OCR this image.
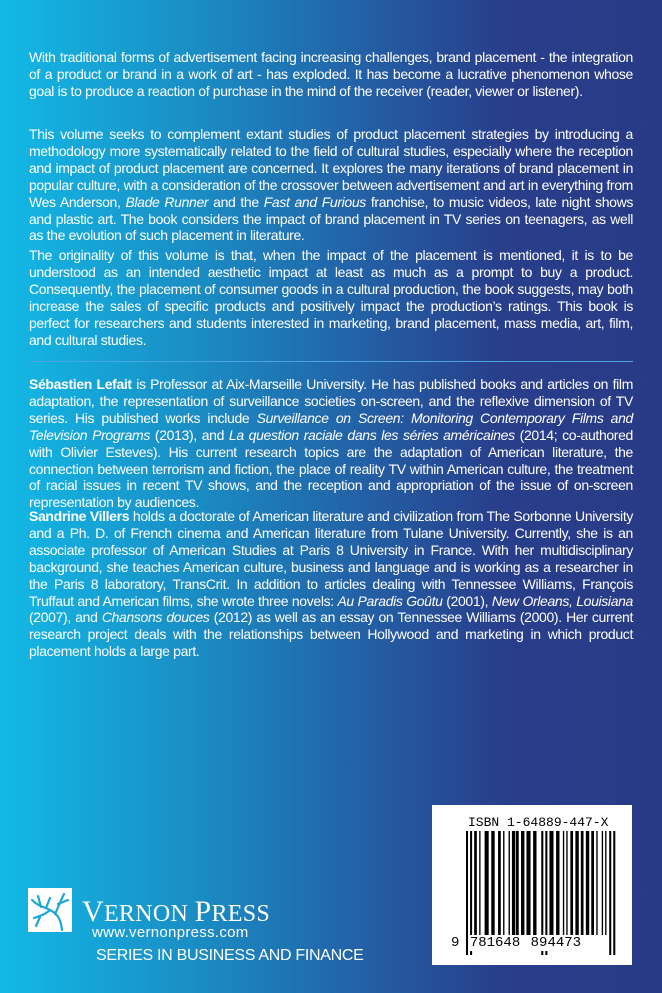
With traditional forms of advertisement facing increasing challenges, brand placement - the integration of a product or brand in a work of art - has exploded. It has become a lucrative phenomenon whose goal is to produce a reaction of purchase in the mind of the receiver (reader, viewer or listener).
This volume seeks to complement extant studies of product placement strategies by introducing a methodology more systematically related to the field of cultural studies, especially where the reception and impact of product placement are concerned. It explores the many iterations of brand placement in popular culture, with a consideration of the crossover between advertisement and art in everything from Wes Anderson, Blade Runner and the Fast and Furious franchise, to music videos, late night shows and plastic art. The book considers the impact of brand placement in TV series on teenagers, as well as the evolution of such placement in literature.
The originality of this volume is that, when the impact of the placement is mentioned, it is to be understood as an intended aesthetic impact at least as much as a prompt to buy a product. Consequently, the placement of consumer goods in a cultural production, the book suggests, may both increase the sales of specific products and positively impact the production’s ratings. This book is perfect for researchers and students interested in marketing, brand placement, mass media, art, film, and cultural studies.
Sébastien Lefait is Professor at Aix-Marseille University. He has published books and articles on film adaptation, the representation of surveillance societies on-screen, and the reflexive dimension of TV series. His published works include Surveillance on Screen: Monitoring Contemporary Films and Television Programs (2013), and La question raciale dans les séries américaines (2014; co-authored with Olivier Esteves). His current research topics are the adaptation of American literature, the connection between terrorism and fiction, the place of reality TV within American culture, the treatment of racial issues in recent TV shows, and the reception and appropriation of the issue of on-screen representation by audiences.
Sandrine Villers holds a doctorate of American literature and civilization from The Sorbonne University and a Ph. D. of French cinema and American literature from Tulane University. Currently, she is an associate professor of American Studies at Paris 8 University in France. With her multidisciplinary background, she teaches American culture, business and language and is working as a researcher in the Paris 8 laboratory, TransCrit. In addition to articles dealing with Tennessee Williams, François Truffaut and American films, she wrote three novels: Au Paradis Goûtu (2001), New Orleans, Louisiana (2007), and Chansons douces (2012) as well as an essay on Tennessee Williams (2000). Her current research project deals with the relationships between Hollywood and marketing in which product placement holds a large part.
VERNON PRESS
www.vernonpress.com
SERIES IN BUSINESS AND FINANCE
ISBN 1-64889-447-X
9 781648 894473
